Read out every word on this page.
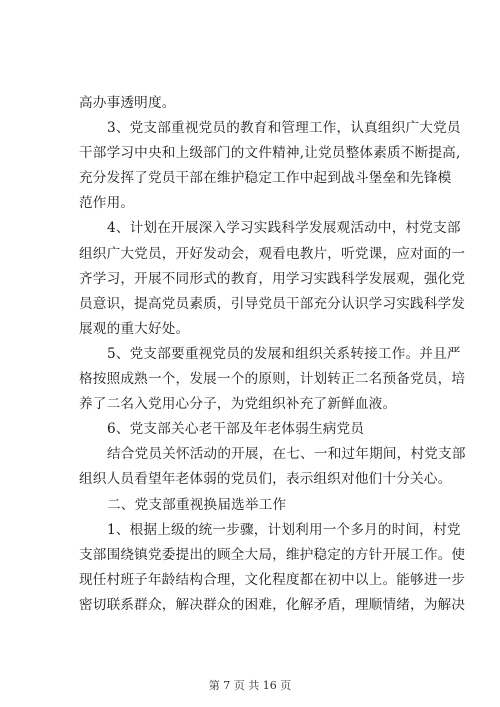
高办事透明度。
3、党支部重视党员的教育和管理工作，认真组织广大党员
干部学习中央和上级部门的文件精神,让党员整体素质不断提高,
充分发挥了党员干部在维护稳定工作中起到战斗堡垒和先锋模
范作用。
4、计划在开展深入学习实践科学发展观活动中，村党支部
组织广大党员，开好发动会，观看电教片，听党课，应对面的一
齐学习，开展不同形式的教育，用学习实践科学发展观，强化党
员意识，提高党员素质，引导党员干部充分认识学习实践科学发
展观的重大好处。
5、党支部要重视党员的发展和组织关系转接工作。并且严
格按照成熟一个，发展一个的原则，计划转正二名预备党员，培
养了二名入党用心分子，为党组织补充了新鲜血液。
6、党支部关心老干部及年老体弱生病党员
结合党员关怀活动的开展，在七、一和过年期间，村党支部
组织人员看望年老体弱的党员们，表示组织对他们十分关心。
二、党支部重视换届选举工作
1、根据上级的统一步骤，计划利用一个多月的时间，村党
支部围绕镇党委提出的顾全大局，维护稳定的方针开展工作。使
现任村班子年龄结构合理，文化程度都在初中以上。能够进一步
密切联系群众，解决群众的困难，化解矛盾，理顺情绪，为解决
第 7 页 共 16 页
